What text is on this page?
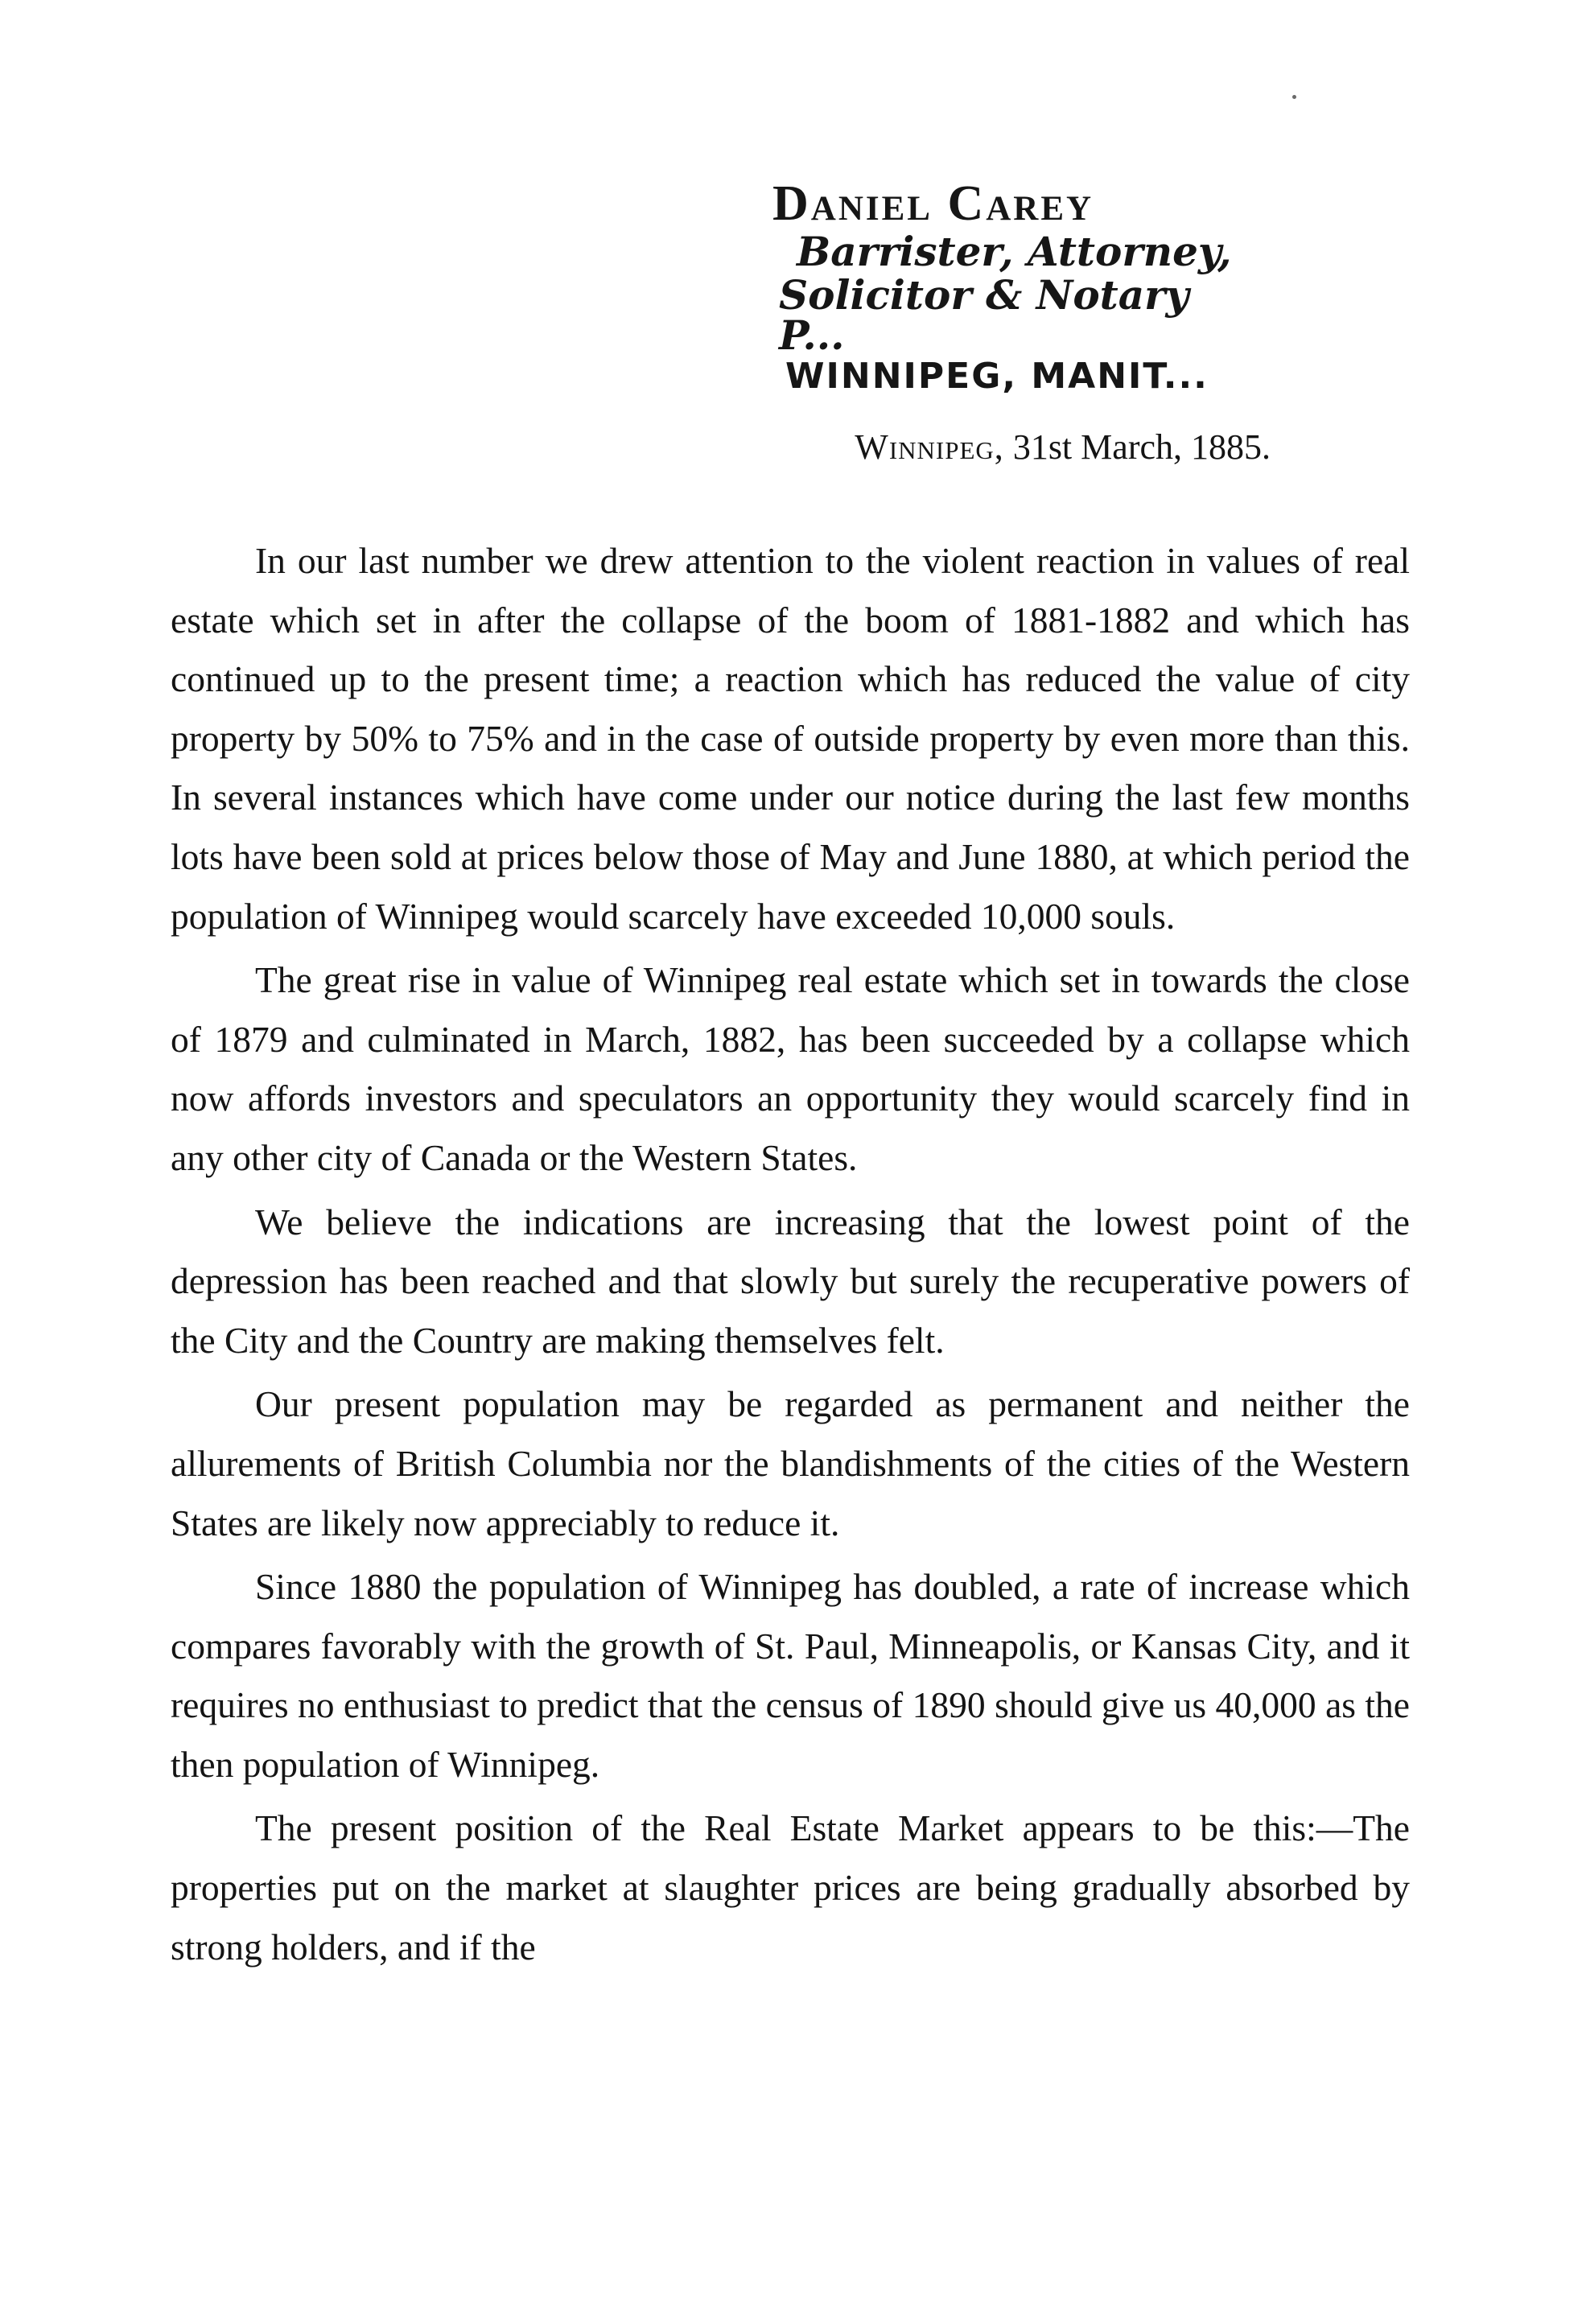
Daniel Carey
Barrister, Attorney,
Solicitor & Notary P...
WINNIPEG, MANIT...
Winnipeg, 31st March, 1885.

In our last number we drew attention to the violent reaction in values of real estate which set in after the collapse of the boom of 1881-1882 and which has continued up to the present time; a reaction which has reduced the value of city property by 50% to 75% and in the case of outside property by even more than this. In several instances which have come under our notice during the last few months lots have been sold at prices below those of May and June 1880, at which period the population of Winnipeg would scarcely have exceeded 10,000 souls.

The great rise in value of Winnipeg real estate which set in towards the close of 1879 and culminated in March, 1882, has been succeeded by a collapse which now affords investors and speculators an opportunity they would scarcely find in any other city of Canada or the Western States.

We believe the indications are increasing that the lowest point of the depression has been reached and that slowly but surely the recuperative powers of the City and the Country are making themselves felt.

Our present population may be regarded as permanent and neither the allurements of British Columbia nor the blandishments of the cities of the Western States are likely now appreciably to reduce it.

Since 1880 the population of Winnipeg has doubled, a rate of increase which compares favorably with the growth of St. Paul, Minneapolis, or Kansas City, and it requires no enthusiast to predict that the census of 1890 should give us 40,000 as the then population of Winnipeg.

The present position of the Real Estate Market appears to be this:—The properties put on the market at slaughter prices are being gradually absorbed by strong holders, and if the
